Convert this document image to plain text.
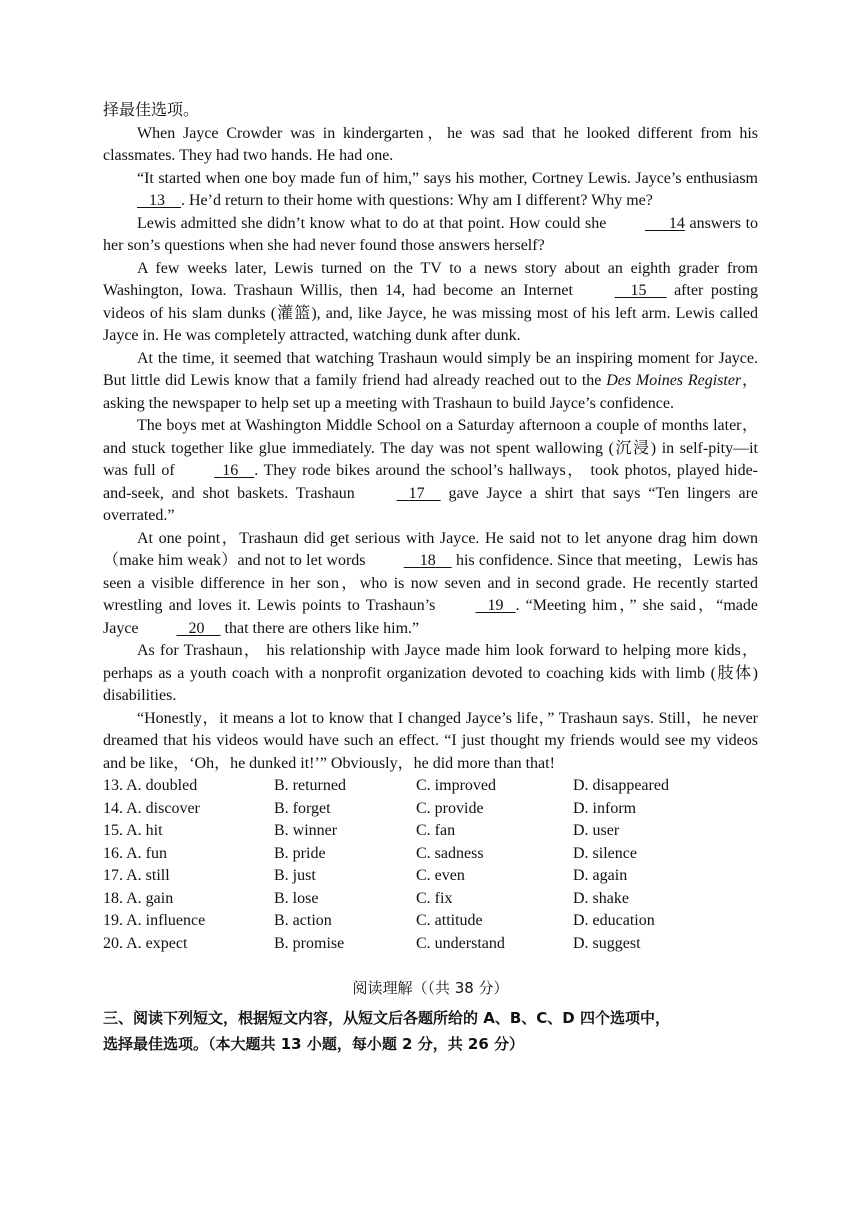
择最佳选项。

When Jayce Crowder was in kindergarten，he was sad that he looked different from his classmates. They had two hands. He had one.

“It started when one boy made fun of him,” says his mother, Cortney Lewis. Jayce’s enthusiasm    13 . He’d return to their home with questions: Why am I different? Why me?

Lewis admitted she didn’t know what to do at that point. How could she	14 answers to her son’s questions when she had never found those answers herself?

A few weeks later, Lewis turned on the TV to a news story about an eighth grader from Washington, Iowa. Trashaun Willis, then 14, had become an Internet	15 after posting videos of his slam dunks (灌篮), and, like Jayce, he was missing most of his left arm. Lewis called Jayce in. He was completely attracted, watching dunk after dunk.

At the time, it seemed that watching Trashaun would simply be an inspiring moment for Jayce. But little did Lewis know that a family friend had already reached out to the Des Moines Register， asking the newspaper to help set up a meeting with Trashaun to build Jayce’s confidence.

The boys met at Washington Middle School on a Saturday afternoon a couple of months later， and stuck together like glue immediately. The day was not spent wallowing (沉浸) in self-pity—it was full of	16 . They rode bikes around the school’s hallways， took photos, played hide-and-seek, and shot baskets. Trashaun	17 gave Jayce a shirt that says “Ten lingers are overrated.”

At one point，Trashaun did get serious with Jayce. He said not to let anyone drag him down（make him weak）and not to let words	18 his confidence. Since that meeting，Lewis has seen a visible difference in her son，who is now seven and in second grade. He recently started wrestling and loves it. Lewis points to Trashaun’s	19 . “Meeting him，” she said，“made Jayce	20 that there are others like him.”

As for Trashaun， his relationship with Jayce made him look forward to helping more kids，perhaps as a youth coach with a nonprofit organization devoted to coaching kids with limb (肢体) disabilities.

“Honestly，it means a lot to know that I changed Jayce’s life，” Trashaun says. Still，he never dreamed that his videos would have such an effect. “I just thought my friends would see my videos and be like，‘Oh，he dunked it!’” Obviously，he did more than that!

13. A. doubled	B. returned	C. improved	D. disappeared
14. A. discover	B. forget	C. provide	D. inform
15. A. hit	B. winner	C. fan	D. user
16. A. fun	B. pride	C. sadness	D. silence
17. A. still	B. just	C. even	D. again
18. A. gain	B. lose	C. fix	D. shake
19. A. influence	B. action	C. attitude	D. education
20. A. expect	B. promise	C. understand	D. suggest
阅读理解（（共 38 分）

三、阅读下列短文，根据短文内容，从短文后各题所给的 A、B、C、D 四个选项中，
选择最佳选项。（本大题共 13 小题，每小题 2 分，共 26 分）
